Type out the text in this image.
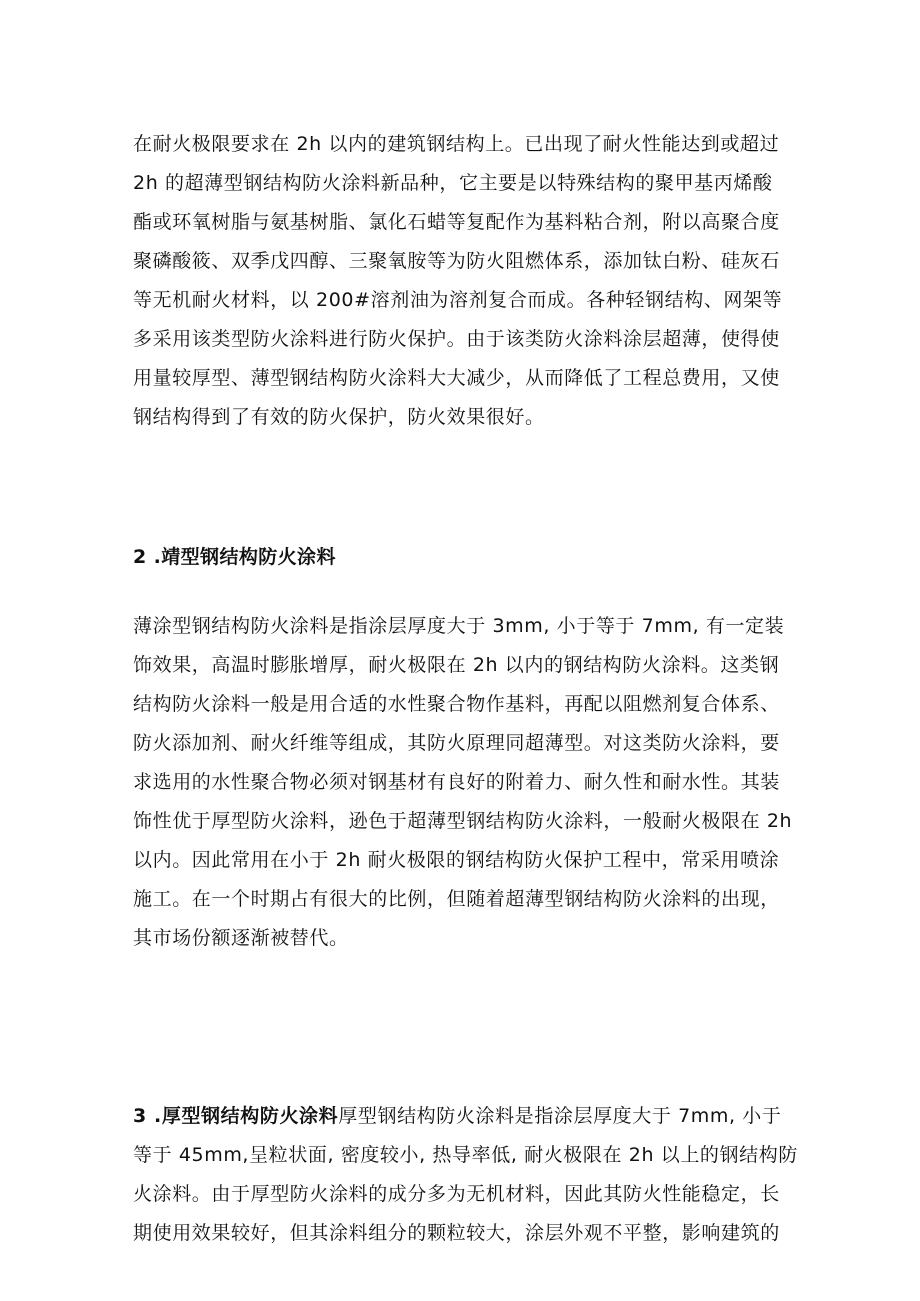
在耐火极限要求在 2h 以内的建筑钢结构上。已出现了耐火性能达到或超过
2h 的超薄型钢结构防火涂料新品种，它主要是以特殊结构的聚甲基丙烯酸
酯或环氧树脂与氨基树脂、氯化石蜡等复配作为基料粘合剂，附以高聚合度
聚磷酸筱、双季戊四醇、三聚氧胺等为防火阻燃体系，添加钛白粉、硅灰石
等无机耐火材料，以 200#溶剂油为溶剂复合而成。各种轻钢结构、网架等
多采用该类型防火涂料进行防火保护。由于该类防火涂料涂层超薄，使得使
用量较厚型、薄型钢结构防火涂料大大减少，从而降低了工程总费用，又使
钢结构得到了有效的防火保护，防火效果很好。
2 .靖型钢结构防火涂料
薄涂型钢结构防火涂料是指涂层厚度大于 3mm, 小于等于 7mm, 有一定装
饰效果，高温时膨胀增厚，耐火极限在 2h 以内的钢结构防火涂料。这类钢
结构防火涂料一般是用合适的水性聚合物作基料，再配以阻燃剂复合体系、
防火添加剂、耐火纤维等组成，其防火原理同超薄型。对这类防火涂料，要
求选用的水性聚合物必须对钢基材有良好的附着力、耐久性和耐水性。其装
饰性优于厚型防火涂料，逊色于超薄型钢结构防火涂料，一般耐火极限在 2h
以内。因此常用在小于 2h 耐火极限的钢结构防火保护工程中，常采用喷涂
施工。在一个时期占有很大的比例，但随着超薄型钢结构防火涂料的出现，
其市场份额逐渐被替代。
3 .厚型钢结构防火涂料厚型钢结构防火涂料是指涂层厚度大于 7mm, 小于
等于 45mm,呈粒状面, 密度较小, 热导率低, 耐火极限在 2h 以上的钢结构防
火涂料。由于厚型防火涂料的成分多为无机材料，因此其防火性能稳定，长
期使用效果较好，但其涂料组分的颗粒较大，涂层外观不平整，影响建筑的
